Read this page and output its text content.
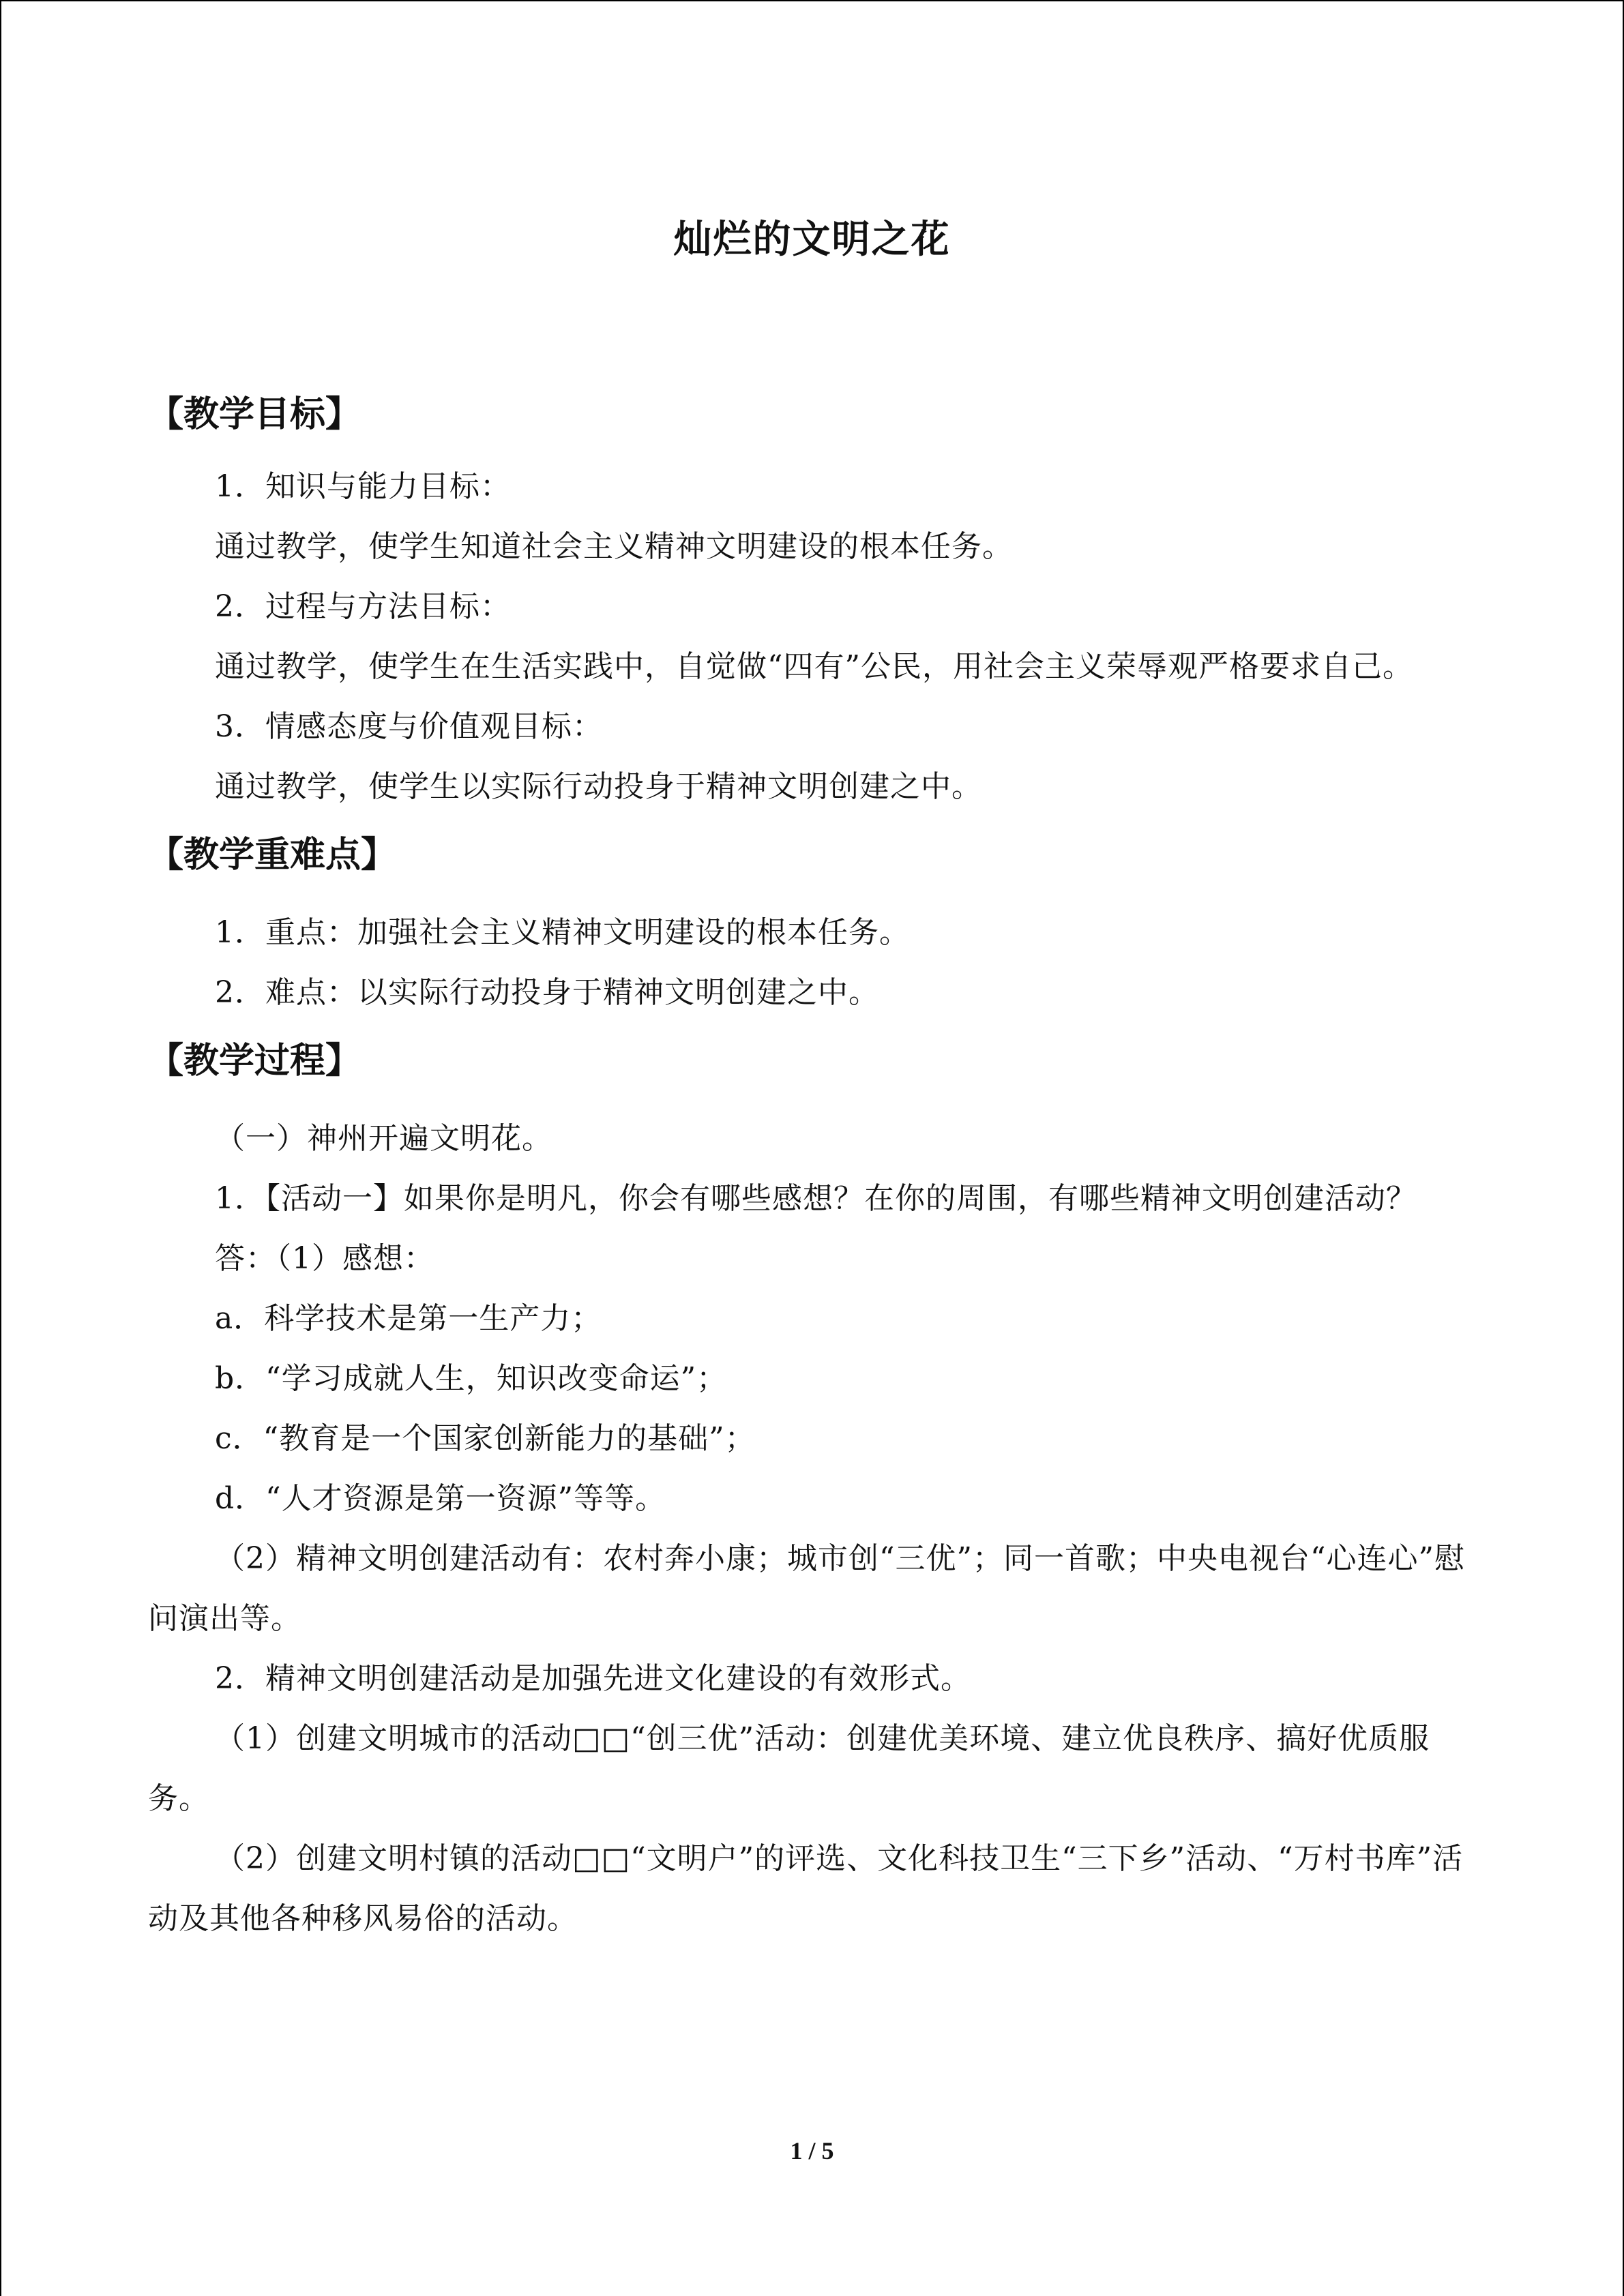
灿烂的文明之花
【教学目标】

1．知识与能力目标：

通过教学，使学生知道社会主义精神文明建设的根本任务。

2．过程与方法目标：

通过教学，使学生在生活实践中，自觉做“四有”公民，用社会主义荣辱观严格要求自己。

3．情感态度与价值观目标：

通过教学，使学生以实际行动投身于精神文明创建之中。

【教学重难点】

1．重点：加强社会主义精神文明建设的根本任务。

2．难点：以实际行动投身于精神文明创建之中。

【教学过程】

（一）神州开遍文明花。

1．【活动一】如果你是明凡，你会有哪些感想？在你的周围，有哪些精神文明创建活动？

答：（1）感想：

a．科学技术是第一生产力；

b．“学习成就人生，知识改变命运”；

c．“教育是一个国家创新能力的基础”；

d．“人才资源是第一资源”等等。

（2）精神文明创建活动有：农村奔小康；城市创“三优”；同一首歌；中央电视台“心连心”慰问演出等。

2．精神文明创建活动是加强先进文化建设的有效形式。

（1）创建文明城市的活动□□“创三优”活动：创建优美环境、建立优良秩序、搞好优质服务。

（2）创建文明村镇的活动□□“文明户”的评选、文化科技卫生“三下乡”活动、“万村书库”活动及其他各种移风易俗的活动。

1 / 5
